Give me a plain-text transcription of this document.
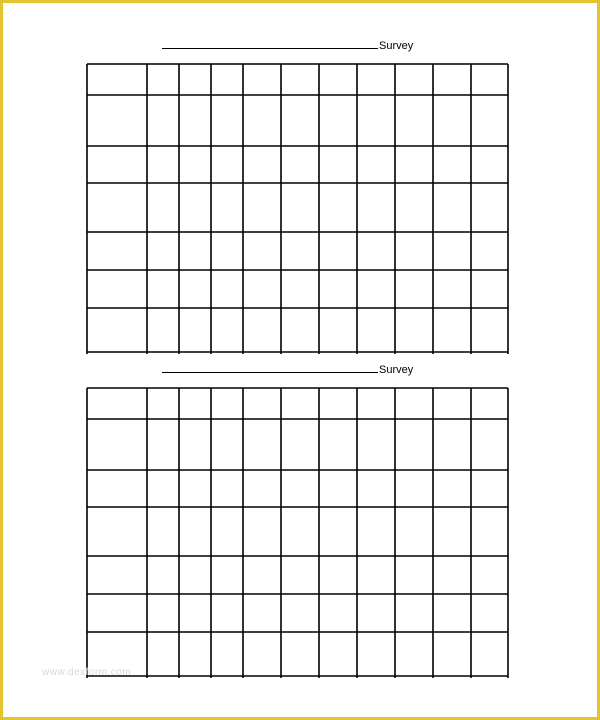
Survey
Survey
www.dexform.com
